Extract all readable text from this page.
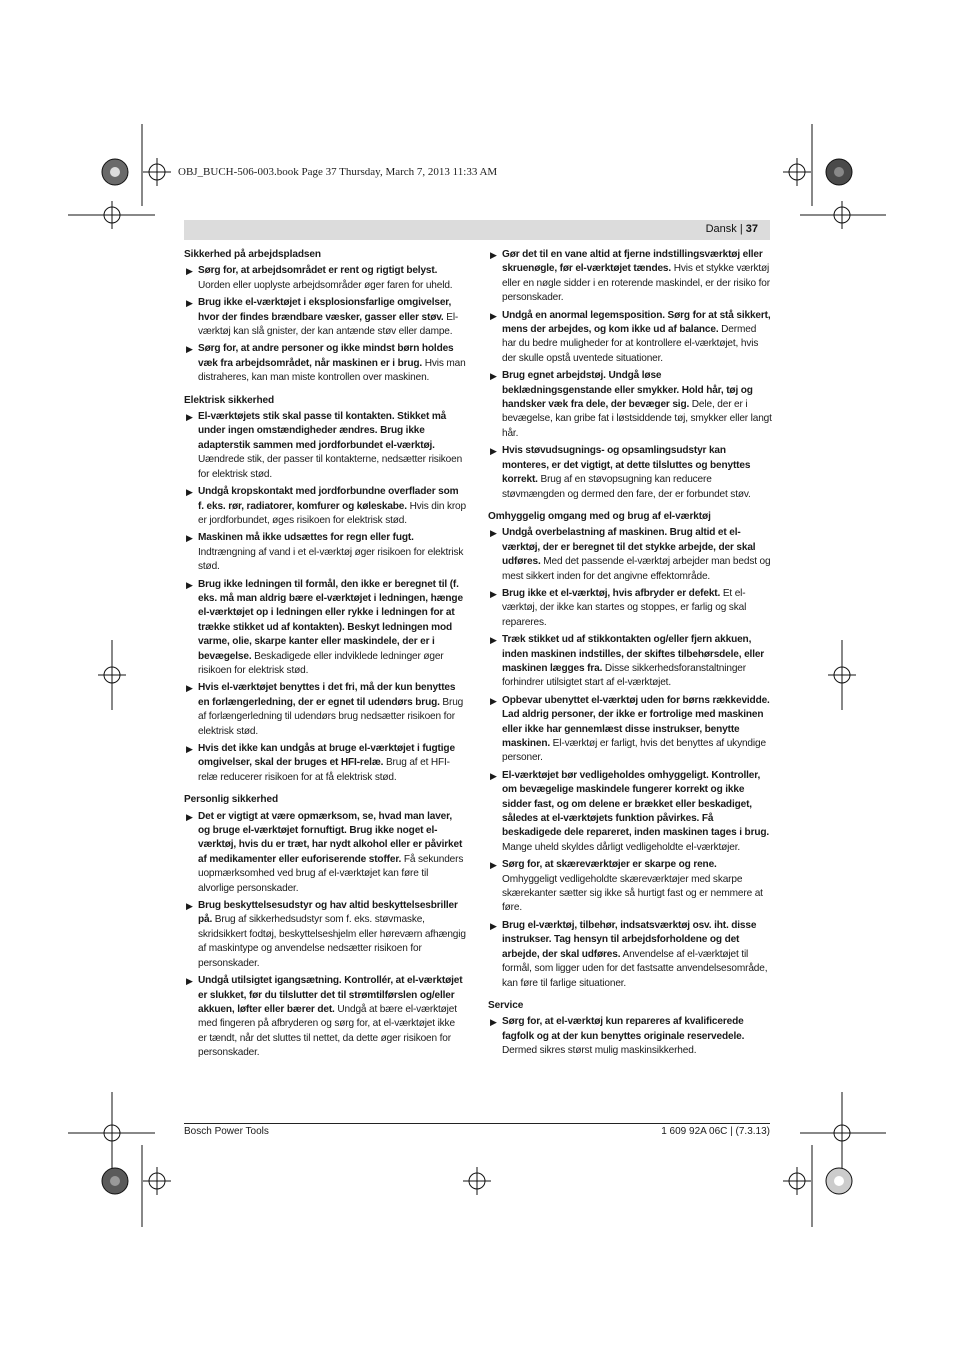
OBJ_BUCH-506-003.book Page 37 Thursday, March 7, 2013 11:33 AM
Dansk | 37
Sikkerhed på arbejdspladsen
▶ Sørg for, at arbejdsområdet er rent og rigtigt belyst. Uorden eller uoplyste arbejdsområder øger faren for uheld.
▶ Brug ikke el-værktøjet i eksplosionsfarlige omgivelser, hvor der findes brændbare væsker, gasser eller støv. El-værktøj kan slå gnister, der kan antænde støv eller dampe.
▶ Sørg for, at andre personer og ikke mindst børn holdes væk fra arbejdsområdet, når maskinen er i brug. Hvis man distraheres, kan man miste kontrollen over maskinen.
Elektrisk sikkerhed
▶ El-værktøjets stik skal passe til kontakten. Stikket må under ingen omstændigheder ændres. Brug ikke adapterstik sammen med jordforbundet el-værktøj. Uændrede stik, der passer til kontakterne, nedsætter risikoen for elektrisk stød.
▶ Undgå kropskontakt med jordforbundne overflader som f. eks. rør, radiatorer, komfurer og køleskabe. Hvis din krop er jordforbundet, øges risikoen for elektrisk stød.
▶ Maskinen må ikke udsættes for regn eller fugt. Indtrængning af vand i et el-værktøj øger risikoen for elektrisk stød.
▶ Brug ikke ledningen til formål, den ikke er beregnet til (f. eks. må man aldrig bære el-værktøjet i ledningen, hænge el-værktøjet op i ledningen eller rykke i ledningen for at trække stikket ud af kontakten). Beskyt ledningen mod varme, olie, skarpe kanter eller maskindele, der er i bevægelse. Beskadigede eller indviklede ledninger øger risikoen for elektrisk stød.
▶ Hvis el-værktøjet benyttes i det fri, må der kun benyttes en forlængerledning, der er egnet til udendørs brug. Brug af forlængerledning til udendørs brug nedsætter risikoen for elektrisk stød.
▶ Hvis det ikke kan undgås at bruge el-værktøjet i fugtige omgivelser, skal der bruges et HFI-relæ. Brug af et HFI-relæ reducerer risikoen for at få elektrisk stød.
Personlig sikkerhed
▶ Det er vigtigt at være opmærksom, se, hvad man laver, og bruge el-værktøjet fornuftigt. Brug ikke noget el-værktøj, hvis du er træt, har nydt alkohol eller er påvirket af medikamenter eller euforiserende stoffer. Få sekunders uopmærksomhed ved brug af el-værktøjet kan føre til alvorlige personskader.
▶ Brug beskyttelsesudstyr og hav altid beskyttelsesbriller på. Brug af sikkerhedsudstyr som f. eks. støvmaske, skridsikkert fodtøj, beskyttelseshjelm eller høreværn afhængig af maskintype og anvendelse nedsætter risikoen for personskader.
▶ Undgå utilsigtet igangsætning. Kontrollér, at el-værktøjet er slukket, før du tilslutter det til strømtilførslen og/eller akkuen, løfter eller bærer det. Undgå at bære el-værktøjet med fingeren på afbryderen og sørg for, at el-værktøjet ikke er tændt, når det sluttes til nettet, da dette øger risikoen for personskader.
▶ Gør det til en vane altid at fjerne indstillingsværktøj eller skruenøgle, før el-værktøjet tændes. Hvis et stykke værktøj eller en nøgle sidder i en roterende maskindel, er der risiko for personskader.
▶ Undgå en anormal legemsposition. Sørg for at stå sikkert, mens der arbejdes, og kom ikke ud af balance. Dermed har du bedre muligheder for at kontrollere el-værktøjet, hvis der skulle opstå uventede situationer.
▶ Brug egnet arbejdstøj. Undgå løse beklædningsgenstande eller smykker. Hold hår, tøj og handsker væk fra dele, der bevæger sig. Dele, der er i bevægelse, kan gribe fat i løstsiddende tøj, smykker eller langt hår.
▶ Hvis støvudsugnings- og opsamlingsudstyr kan monteres, er det vigtigt, at dette tilsluttes og benyttes korrekt. Brug af en støvopsugning kan reducere støvmængden og dermed den fare, der er forbundet støv.
Omhyggelig omgang med og brug af el-værktøj
▶ Undgå overbelastning af maskinen. Brug altid et el-værktøj, der er beregnet til det stykke arbejde, der skal udføres. Med det passende el-værktøj arbejder man bedst og mest sikkert inden for det angivne effektområde.
▶ Brug ikke et el-værktøj, hvis afbryder er defekt. Et el-værktøj, der ikke kan startes og stoppes, er farlig og skal repareres.
▶ Træk stikket ud af stikkontakten og/eller fjern akkuen, inden maskinen indstilles, der skiftes tilbehørsdele, eller maskinen lægges fra. Disse sikkerhedsforanstaltninger forhindrer utilsigtet start af el-værktøjet.
▶ Opbevar ubenyttet el-værktøj uden for børns rækkevidde. Lad aldrig personer, der ikke er fortrolige med maskinen eller ikke har gennemlæst disse instrukser, benytte maskinen. El-værktøj er farligt, hvis det benyttes af ukyndige personer.
▶ El-værktøjet bør vedligeholdes omhyggeligt. Kontroller, om bevægelige maskindele fungerer korrekt og ikke sidder fast, og om delene er brækket eller beskadiget, således at el-værktøjets funktion påvirkes. Få beskadigede dele repareret, inden maskinen tages i brug. Mange uheld skyldes dårligt vedligeholdte el-værktøjer.
▶ Sørg for, at skæreværktøjer er skarpe og rene. Omhyggeligt vedligeholdte skæreværktøjer med skarpe skærekanter sætter sig ikke så hurtigt fast og er nemmere at føre.
▶ Brug el-værktøj, tilbehør, indsatsværktøj osv. iht. disse instrukser. Tag hensyn til arbejdsforholdene og det arbejde, der skal udføres. Anvendelse af el-værktøjet til formål, som ligger uden for det fastsatte anvendelsesområde, kan føre til farlige situationer.
Service
▶ Sørg for, at el-værktøj kun repareres af kvalificerede fagfolk og at der kun benyttes originale reservedele. Dermed sikres størst mulig maskinsikkerhed.
Bosch Power Tools	1 609 92A 06C | (7.3.13)
